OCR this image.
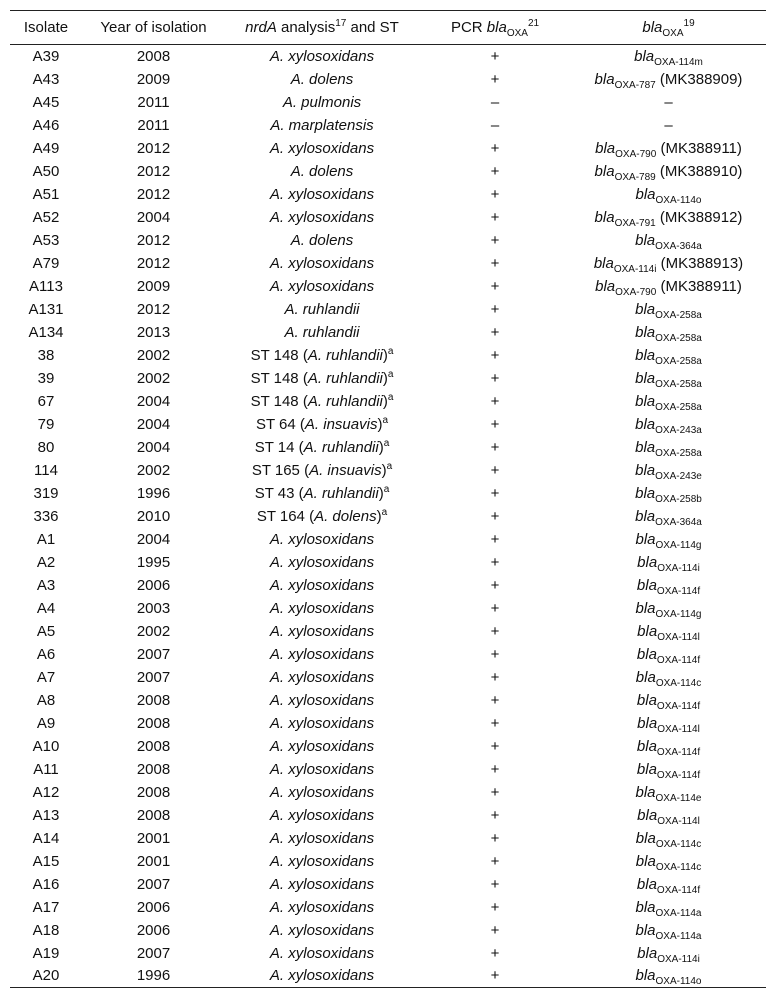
Isolate	Year of isolation	nrdA analysis$^{17}$ and ST	PCR bla$_{OXA}^{21}$	bla$_{OXA}^{19}$
A39	2008	A. xylosoxidans	+	bla$_{OXA-114m}$
A43	2009	A. dolens	+	bla$_{OXA-787}$ (MK388909)
A45	2011	A. pulmonis	–	–
A46	2011	A. marplatensis	–	–
A49	2012	A. xylosoxidans	+	bla$_{OXA-790}$ (MK388911)
A50	2012	A. dolens	+	bla$_{OXA-789}$ (MK388910)
A51	2012	A. xylosoxidans	+	bla$_{OXA-114o}$
A52	2004	A. xylosoxidans	+	bla$_{OXA-791}$ (MK388912)
A53	2012	A. dolens	+	bla$_{OXA-364a}$
A79	2012	A. xylosoxidans	+	bla$_{OXA-114i}$ (MK388913)
A113	2009	A. xylosoxidans	+	bla$_{OXA-790}$ (MK388911)
A131	2012	A. ruhlandii	+	bla$_{OXA-258a}$
A134	2013	A. ruhlandii	+	bla$_{OXA-258a}$
38	2002	ST 148 (A. ruhlandii)$^a$	+	bla$_{OXA-258a}$
39	2002	ST 148 (A. ruhlandii)$^a$	+	bla$_{OXA-258a}$
67	2004	ST 148 (A. ruhlandii)$^a$	+	bla$_{OXA-258a}$
79	2004	ST 64 (A. insuavis)$^a$	+	bla$_{OXA-243a}$
80	2004	ST 14 (A. ruhlandii)$^a$	+	bla$_{OXA-258a}$
114	2002	ST 165 (A. insuavis)$^a$	+	bla$_{OXA-243e}$
319	1996	ST 43 (A. ruhlandii)$^a$	+	bla$_{OXA-258b}$
336	2010	ST 164 (A. dolens)$^a$	+	bla$_{OXA-364a}$
A1	2004	A. xylosoxidans	+	bla$_{OXA-114g}$
A2	1995	A. xylosoxidans	+	bla$_{OXA-114i}$
A3	2006	A. xylosoxidans	+	bla$_{OXA-114f}$
A4	2003	A. xylosoxidans	+	bla$_{OXA-114g}$
A5	2002	A. xylosoxidans	+	bla$_{OXA-114l}$
A6	2007	A. xylosoxidans	+	bla$_{OXA-114f}$
A7	2007	A. xylosoxidans	+	bla$_{OXA-114c}$
A8	2008	A. xylosoxidans	+	bla$_{OXA-114f}$
A9	2008	A. xylosoxidans	+	bla$_{OXA-114l}$
A10	2008	A. xylosoxidans	+	bla$_{OXA-114f}$
A11	2008	A. xylosoxidans	+	bla$_{OXA-114f}$
A12	2008	A. xylosoxidans	+	bla$_{OXA-114e}$
A13	2008	A. xylosoxidans	+	bla$_{OXA-114l}$
A14	2001	A. xylosoxidans	+	bla$_{OXA-114c}$
A15	2001	A. xylosoxidans	+	bla$_{OXA-114c}$
A16	2007	A. xylosoxidans	+	bla$_{OXA-114f}$
A17	2006	A. xylosoxidans	+	bla$_{OXA-114a}$
A18	2006	A. xylosoxidans	+	bla$_{OXA-114a}$
A19	2007	A. xylosoxidans	+	bla$_{OXA-114i}$
A20	1996	A. xylosoxidans	+	bla$_{OXA-114o}$
